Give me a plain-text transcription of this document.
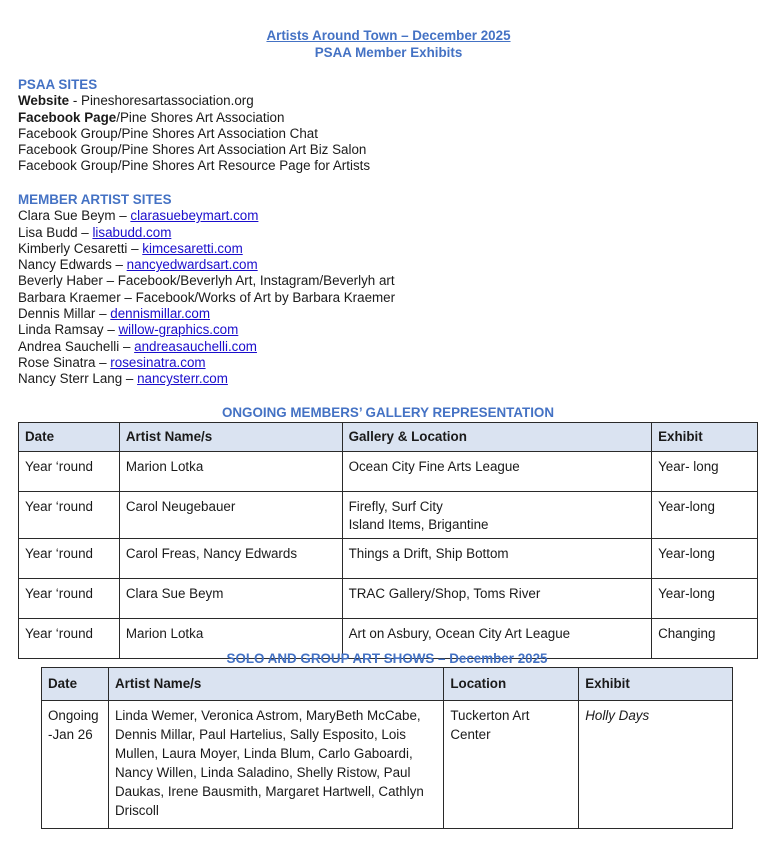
Artists Around Town – December 2025
PSAA Member Exhibits
PSAA SITES
Website - Pineshoresartassociation.org
Facebook Page/Pine Shores Art Association
Facebook Group/Pine Shores Art Association Chat
Facebook Group/Pine Shores Art Association Art Biz Salon
Facebook Group/Pine Shores Art Resource Page for Artists
MEMBER ARTIST SITES
Clara Sue Beym – clarasuebeymart.com
Lisa Budd – lisabudd.com
Kimberly Cesaretti – kimcesaretti.com
Nancy Edwards – nancyedwardsart.com
Beverly Haber – Facebook/Beverlyh Art, Instagram/Beverlyh art
Barbara Kraemer – Facebook/Works of Art by Barbara Kraemer
Dennis Millar – dennismillar.com
Linda Ramsay – willow-graphics.com
Andrea Sauchelli – andreasauchelli.com
Rose Sinatra – rosesinatra.com
Nancy Sterr Lang – nancysterr.com
ONGOING MEMBERS’ GALLERY REPRESENTATION
Date	Artist Name/s	Gallery & Location	Exhibit
Year ‘round	Marion Lotka	Ocean City Fine Arts League	Year- long
Year ‘round	Carol Neugebauer	Firefly, Surf City
Island Items, Brigantine	Year-long
Year ‘round	Carol Freas, Nancy Edwards	Things a Drift, Ship Bottom	Year-long
Year ‘round	Clara Sue Beym	TRAC Gallery/Shop, Toms River	Year-long
Year ‘round	Marion Lotka	Art on Asbury, Ocean City Art League	Changing
SOLO AND GROUP ART SHOWS – December 2025
Date	Artist Name/s	Location	Exhibit
Ongoing
-Jan 26	Linda Wemer, Veronica Astrom, MaryBeth McCabe, Dennis Millar, Paul Hartelius, Sally Esposito, Lois Mullen, Laura Moyer, Linda Blum, Carlo Gaboardi, Nancy Willen, Linda Saladino, Shelly Ristow, Paul Daukas, Irene Bausmith, Margaret Hartwell, Cathlyn Driscoll	Tuckerton Art
Center	Holly Days
